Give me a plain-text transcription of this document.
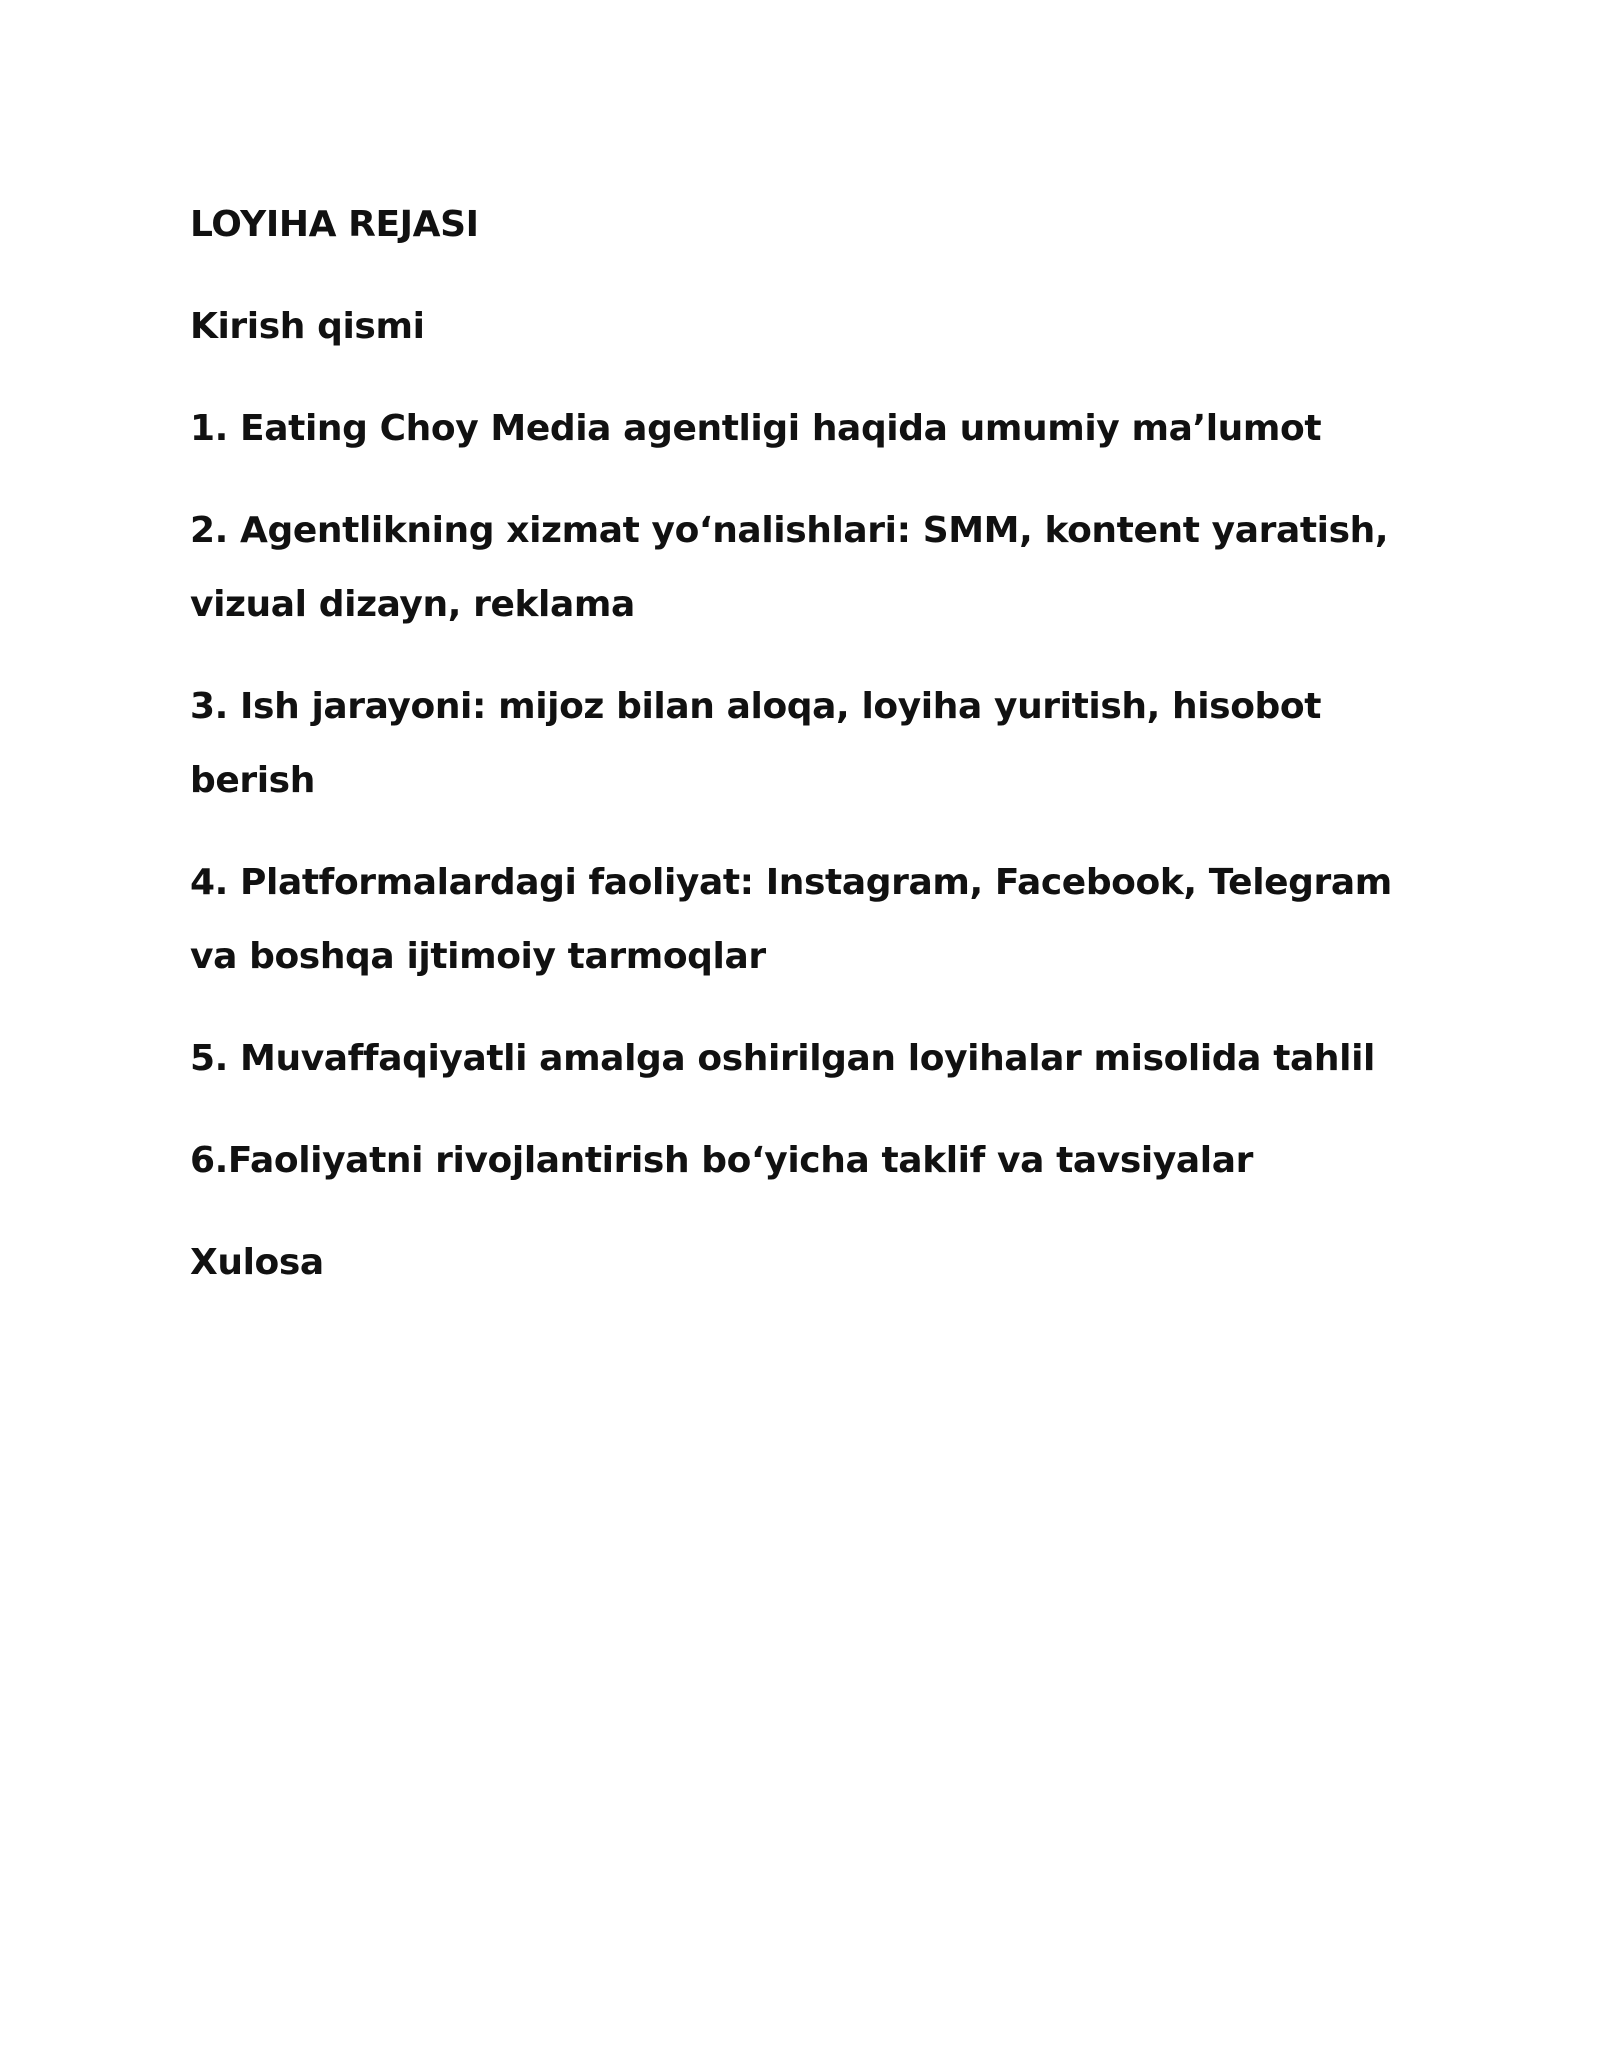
LOYIHA REJASI
Kirish qismi
1. Eating Choy Media agentligi haqida umumiy ma’lumot
2. Agentlikning xizmat yo‘nalishlari: SMM, kontent yaratish, vizual dizayn, reklama
3. Ish jarayoni: mijoz bilan aloqa, loyiha yuritish, hisobot berish
4. Platformalardagi faoliyat: Instagram, Facebook, Telegram va boshqa ijtimoiy tarmoqlar
5. Muvaffaqiyatli amalga oshirilgan loyihalar misolida tahlil
6.Faoliyatni rivojlantirish bo‘yicha taklif va tavsiyalar
Xulosa
